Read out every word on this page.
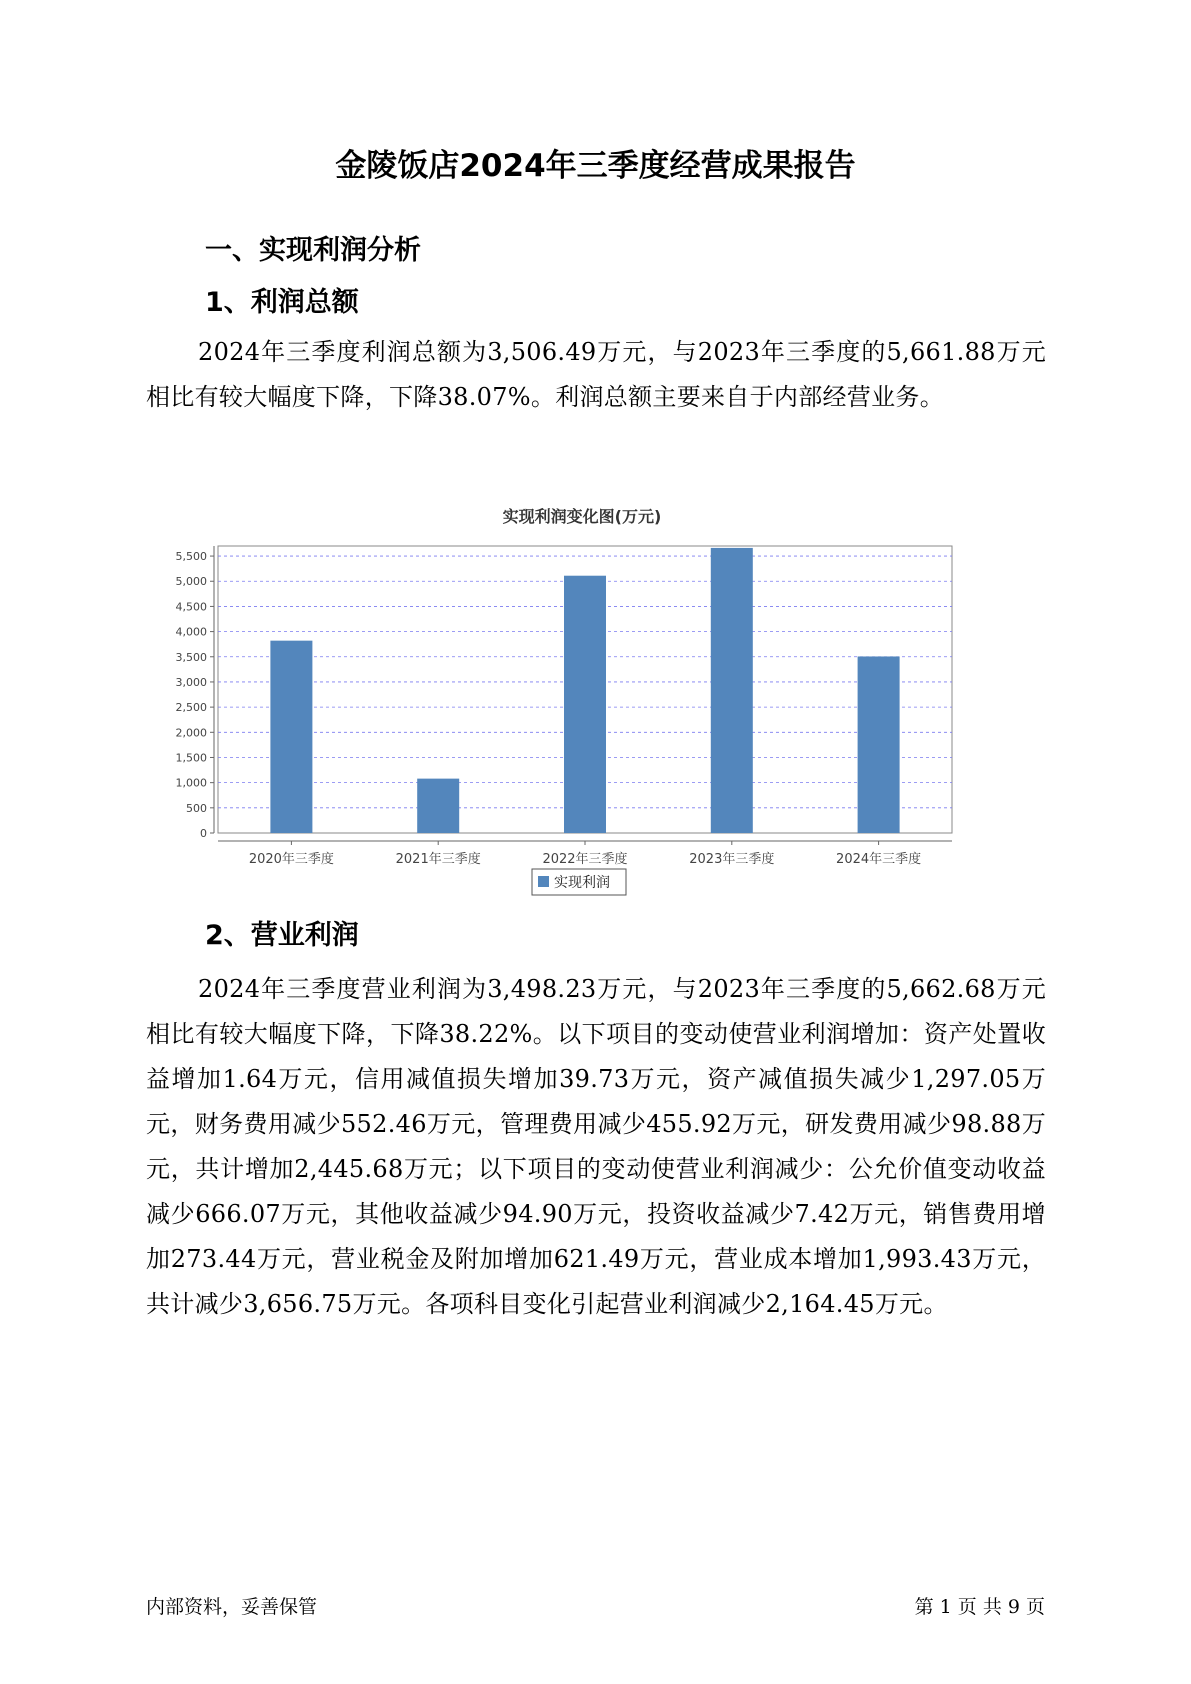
金陵饭店2024年三季度经营成果报告
一、实现利润分析
1、利润总额

2024年三季度利润总额为3,506.49万元，与2023年三季度的5,661.88万元相比有较大幅度下降，下降38.07%。利润总额主要来自于内部经营业务。

实现利润变化图(万元)
0
500
1,000
1,500
2,000
2,500
3,000
3,500
4,000
4,500
5,000
5,500
2020年三季度	2021年三季度	2022年三季度	2023年三季度	2024年三季度
实现利润
2、营业利润

2024年三季度营业利润为3,498.23万元，与2023年三季度的5,662.68万元相比有较大幅度下降，下降38.22%。以下项目的变动使营业利润增加：资产处置收益增加1.64万元，信用减值损失增加39.73万元，资产减值损失减少1,297.05万元，财务费用减少552.46万元，管理费用减少455.92万元，研发费用减少98.88万元，共计增加2,445.68万元；以下项目的变动使营业利润减少：公允价值变动收益减少666.07万元，其他收益减少94.90万元，投资收益减少7.42万元，销售费用增加273.44万元，营业税金及附加增加621.49万元，营业成本增加1,993.43万元，共计减少3,656.75万元。各项科目变化引起营业利润减少2,164.45万元。

内部资料，妥善保管	第 1 页 共 9 页
